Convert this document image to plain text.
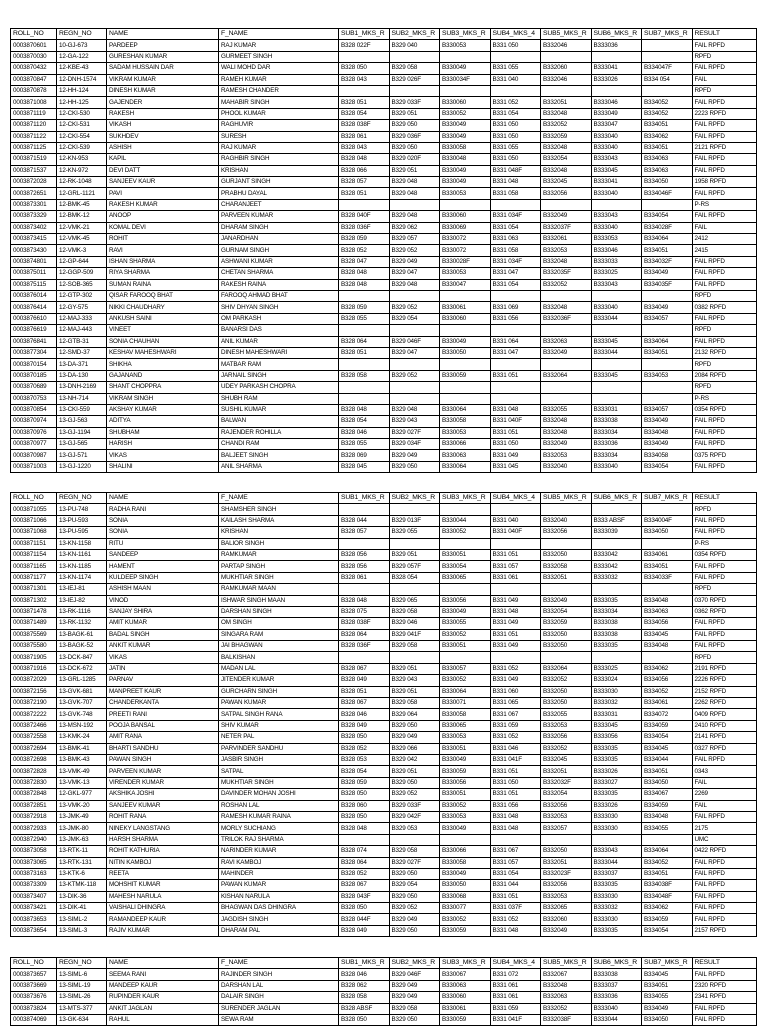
ROLL_NO	REGN_NO	NAME	F_NAME	SUB1_MKS_R	SUB2_MKS_R	SUB3_MKS_R	SUB4_MKS_4	SUB5_MKS_R	SUB6_MKS_R	SUB7_MKS_R	RESULT
0003870601	10-GJ-673	PARDEEP	RAJ KUMAR	B328 022F	B329 040	B330053	B331 050	B332046	B333036		FAIL RPFD
0003870030	12-GA-122	GURESHAN KUMAR	GURMEET SINGH								RPFD
0003870432	12-KBE-43	SADAM HUSSAIN DAR	WALI MOHD DAR	B328 050	B329 058	B330049	B331 055	B332060	B333041	B334047F	FAIL RPFD
0003870847	12-DNH-1574	VIKRAM KUMAR	RAMEH KUMAR	B328 043	B329 026F	B330034F	B331 040	B332046	B333026	B334 054	FAIL
0003870878	12-HH-124	DINESH KUMAR	RAMESH CHANDER								RPFD
0003871008	12-HH-125	GAJENDER	MAHABIR SINGH	B328 051	B329 033F	B330060	B331 052	B332051	B333046	B334052	FAIL RPFD
0003871119	12-CKI-530	RAKESH	PHOOL KUMAR	B328 054	B329 051	B330052	B331 054	B332048	B333049	B334052	2223 RPFD
0003871120	12-CKI-531	VIKASH	RAGHUVIR	B328 038F	B329 050	B330049	B331 050	B332052	B333047	B334051	FAIL RPFD
0003871122	12-CKI-554	SUKHDEV	SURESH	B328 061	B329 036F	B330049	B331 050	B332059	B333040	B334062	FAIL RPFD
0003871125	12-CKI-539	ASHISH	RAJ KUMAR	B328 043	B329 050	B330058	B331 055	B332048	B333040	B334051	2121 RPFD
0003871519	12-KN-953	KAPIL	RAGHBIR SINGH	B328 048	B329 020F	B330048	B331 050	B332054	B333043	B334063	FAIL RPFD
0003871537	12-KN-972	DEVI DATT	KRISHAN	B328 066	B329 051	B330049	B331 048F	B332048	B333045	B334063	FAIL RPFD
0003872028	12-RK-1048	SANJEEV KAUR	GURJANT SINGH	B328 057	B329 048	B330049	B331 048	B332045	B333041	B334050	1958 RPFD
0003872651	12-GRL-1121	PAVI	PRABHU DAYAL	B328 051	B329 048	B330053	B331 058	B332056	B333040	B334046F	FAIL RPFD
0003873301	12-BMK-45	RAKESH KUMAR	CHARANJEET								P-RS
0003873329	12-BMK-12	ANOOP	PARVEEN KUMAR	B328 040F	B329 048	B330060	B331 034F	B332049	B333043	B334054	FAIL RPFD
0003873402	12-VMK-21	KOMAL DEVI	DHARAM SINGH	B328 036F	B329 062	B330069	B331 054	B332037F	B333040	B334028F	FAIL
0003873415	12-VMK-45	ROHIT	JANARDHAN	B328 059	B329 057	B330072	B331 063	B332061	B333053	B334064	2412
0003873430	12-VMK-3	RAVI	GURNAM SINGH	B328 052	B329 052	B330072	B331 058	B332053	B333046	B334051	2415
0003874801	12-GP-644	ISHAN SHARMA	ASHWANI KUMAR	B328 047	B329 049	B330028F	B331 034F	B332048	B333033	B334032F	FAIL RPFD
0003875011	12-GGP-509	RIYA SHARMA	CHETAN SHARMA	B328 048	B329 047	B330053	B331 047	B332035F	B333025	B334049	FAIL RPFD
0003875115	12-SOB-365	SUMAN RAINA	RAKESH RAINA	B328 048	B329 048	B330047	B331 054	B332052	B333043	B334035F	FAIL RPFD
0003876014	12-GTP-302	QISAR FAROOQ BHAT	FAROOQ AHMAD BHAT								RPFD
0003876414	12-GY-575	NIKKI CHAUDHARY	SHIV DHYAN SINGH	B328 059	B329 052	B330061	B331 069	B332048	B333040	B334049	0382 RPFD
0003876610	12-MAJ-333	ANKUSH SAINI	OM PARKASH	B328 055	B329 054	B330060	B331 056	B332036F	B333044	B334057	FAIL RPFD
0003876619	12-MAJ-443	VINEET	BANARSI DAS								RPFD
0003876841	12-GTB-31	SONIA CHAUHAN	ANIL KUMAR	B328 064	B329 046F	B330049	B331 064	B332063	B333045	B334064	FAIL RPFD
0003877304	12-SMD-37	KESHAV MAHESHWARI	DINESH MAHESHWARI	B328 051	B329 047	B330050	B331 047	B332049	B333044	B334051	2132 RPFD
0003870154	13-DA-371	SHIKHA	MATBAR RAM								RPFD
0003870185	13-DA-130	GAJANAND	JARNAIL SINGH	B328 058	B329 052	B330059	B331 051	B332064	B333045	B334053	2084 RPFD
0003870689	13-DNH-2169	SHANT CHOPPRA	UDEY PARKASH CHOPRA								RPFD
0003870753	13-NH-714	VIKRAM SINGH	SHUBH RAM								P-RS
0003870854	13-CKI-559	AKSHAY KUMAR	SUSHIL KUMAR	B328 048	B329 048	B330064	B331 048	B332055	B333031	B334057	0354 RPFD
0003870974	13-GJ-563	ADITYA	BALWAN	B328 054	B329 043	B330058	B331 040F	B332048	B333038	B334049	FAIL RPFD
0003870976	13-GJ-1194	SHUBHAM	RAJENDER ROHILLA	B328 046	B329 027F	B330053	B331 051	B332048	B333034	B334048	FAIL RPFD
0003870977	13-GJ-565	HARISH	CHANDI RAM	B328 055	B329 034F	B330066	B331 050	B332049	B333036	B334049	FAIL RPFD
0003870987	13-GJ-571	VIKAS	BALJEET SINGH	B328 069	B329 049	B330063	B331 049	B332053	B333034	B334058	0375 RPFD
0003871003	13-GJ-1220	SHALINI	ANIL SHARMA	B328 045	B329 050	B330064	B331 045	B332040	B333040	B334054	FAIL RPFD
ROLL_NO	REGN_NO	NAME	F_NAME	SUB1_MKS_R	SUB2_MKS_R	SUB3_MKS_R	SUB4_MKS_4	SUB5_MKS_R	SUB6_MKS_R	SUB7_MKS_R	RESULT
0003871055	13-PU-748	RADHA RANI	SHAMSHER SINGH								RPFD
0003871066	13-PU-593	SONIA	KAILASH SHARMA	B328 044	B329 013F	B330044	B331 040	B332040	B333 ABSF	B334004F	FAIL RPFD
0003871068	13-PU-595	SONIA	KRISHAN	B328 057	B329 055	B330052	B331 040F	B332056	B333039	B334050	FAIL RPFD
0003871151	13-KN-1158	RITU	BALIOR SINGH								P-RS
0003871154	13-KN-1161	SANDEEP	RAMKUMAR	B328 056	B329 051	B330051	B331 051	B332050	B333042	B334061	0354 RPFD
0003871165	13-KN-1185	HAMENT	PARTAP SINGH	B328 056	B329 057F	B330054	B331 057	B332058	B333042	B334051	FAIL RPFD
0003871177	13-KN-1174	KULDEEP SINGH	MUKHTIAR SINGH	B328 061	B328 054	B330065	B331 061	B332051	B333032	B334033F	FAIL RPFD
0003871301	13-IEJ-81	ASHISH MAAN	RAMKUMAR MAAN								RPFD
0003871302	13-IEJ-82	VINOD	ISHWAR SINGH MAAN	B328 048	B329 065	B330056	B331 049	B332049	B333035	B334048	0370 RPFD
0003871478	13-RK-1116	SANJAY SHIRA	DARSHAN SINGH	B328 075	B329 058	B330049	B331 048	B332054	B333034	B334063	0362 RPFD
0003871489	13-RK-1132	AMIT KUMAR	OM SINGH	B328 038F	B329 046	B330055	B331 049	B332059	B333038	B334056	FAIL RPFD
0003875569	13-BAGK-61	BADAL SINGH	SINGARA RAM	B328 064	B329 041F	B330052	B331 051	B332050	B333038	B334045	FAIL RPFD
0003875580	13-BAGK-52	ANKIT KUMAR	JAI BHAGWAN	B328 036F	B329 058	B330051	B331 049	B332050	B333035	B334048	FAIL RPFD
0003871905	13-DCK-847	VIKAS	BALKISHAN								RPFD
0003871916	13-DCK-672	JATIN	MADAN LAL	B328 067	B329 051	B330057	B331 052	B332064	B333025	B334062	2191 RPFD
0003872029	13-GRL-1285	PARNAV	JITENDER KUMAR	B328 049	B329 043	B330052	B331 049	B332052	B333024	B334056	2226 RPFD
0003872156	13-GVK-681	MANPREET KAUR	GURCHARN SINGH	B328 051	B329 051	B330064	B331 060	B332050	B333030	B334052	2152 RPFD
0003872190	13-GVK-707	CHANDERKANTA	PAWAN KUMAR	B328 067	B329 058	B330071	B331 065	B332050	B333032	B334061	2262 RPFD
0003872222	13-GVK-748	PREETI RANI	SATPAL SINGH RANA	B328 046	B329 064	B330058	B331 067	B332055	B333031	B334072	0409 RPFD
0003872466	13-MSN-192	POOJA BANSAL	SHIV KUMAR	B328 049	B329 050	B330065	B331 059	B332053	B333045	B334059	2410 RPFD
0003872558	13-KMK-24	AMIT RANA	NETER PAL	B328 050	B329 049	B330053	B331 052	B332056	B333056	B334054	2141 RPFD
0003872694	13-BMK-41	BHARTI SANDHU	PARVINDER SANDHU	B328 052	B329 066	B330051	B331 046	B332052	B333035	B334045	0327 RPFD
0003872698	13-BMK-43	PAWAN SINGH	JASBIR SINGH	B328 053	B329 042	B330049	B331 041F	B332045	B333035	B334044	FAIL RPFD
0003872828	13-VMK-49	PARVEEN KUMAR	SATPAL	B328 054	B329 051	B330059	B331 051	B332051	B333026	B334051	0343
0003872830	13-VMK-13	VIRENDER KUMAR	MUKHTIAR SINGH	B328 059	B329 050	B330056	B331 050	B332032F	B333027	B334050	FAIL
0003872848	12-GKL-977	AKSHIKA JOSHI	DAVINDER MOHAN JOSHI	B328 050	B329 052	B330051	B331 051	B332054	B333035	B334067	2269
0003872851	13-VMK-20	SANJEEV KUMAR	ROSHAN LAL	B328 060	B329 033F	B330052	B331 056	B332056	B333026	B334059	FAIL
0003872918	13-JMK-49	ROHIT RANA	RAMESH KUMAR RAINA	B328 050	B329 042F	B330053	B331 048	B332053	B333030	B334048	FAIL RPFD
0003872933	13-JMK-80	NINEKY LANGSTANG	MORLY SUCHIANG	B328 048	B329 053	B330049	B331 048	B332057	B333030	B334055	2175
0003872940	13-JMK-63	HARSH SHARMA	TRILOK RAJ SHARMA								UMC
0003873058	13-RTK-11	ROHIT KATHURIA	NARINDER KUMAR	B328 074	B329 058	B330066	B331 067	B332050	B333043	B334064	0422 RPFD
0003873065	13-RTK-131	NITIN KAMBOJ	RAVI KAMBOJ	B328 064	B329 027F	B330058	B331 057	B332051	B333044	B334052	FAIL RPFD
0003873163	13-KTK-6	REETA	MAHINDER	B328 052	B329 050	B330049	B331 054	B332023F	B333037	B334051	FAIL RPFD
0003873309	13-KTMK-118	MOHSHIT KUMAR	PAWAN KUMAR	B328 067	B329 054	B330050	B331 044	B332056	B333035	B334038F	FAIL RPFD
0003873407	13-DIK-36	MAHESH NARULA	KISHAN NARULA	B328 043F	B329 050	B330068	B331 051	B332053	B333030	B334048F	FAIL RPFD
0003873421	13-DIK-41	VAISHALI DHINGRA	BHAGWAN DAS DHINGRA	B328 050	B329 052	B330077	B331 037F	B332065	B333032	B334062	FAIL RPFD
0003873653	13-SIML-2	RAMANDEEP KAUR	JAGDISH SINGH	B328 044F	B329 049	B330052	B331 052	B332060	B333030	B334059	FAIL RPFD
0003873654	13-SIML-3	RAJIV KUMAR	DHARAM PAL	B328 049	B329 050	B330059	B331 048	B332049	B333035	B334054	2157 RPFD
ROLL_NO	REGN_NO	NAME	F_NAME	SUB1_MKS_R	SUB2_MKS_R	SUB3_MKS_R	SUB4_MKS_4	SUB5_MKS_R	SUB6_MKS_R	SUB7_MKS_R	RESULT
0003873657	13-SIML-6	SEEMA RANI	RAJINDER SINGH	B328 046	B329 046F	B330067	B331 072	B332067	B333038	B334045	FAIL RPFD
0003873669	13-SIML-19	MANDEEP KAUR	DARSHAN LAL	B328 062	B329 049	B330063	B331 061	B332048	B333037	B334051	2320 RPFD
0003873676	13-SIML-26	RUPINDER KAUR	DALAIR SINGH	B328 058	B329 049	B330060	B331 061	B332063	B333036	B334055	2341 RPFD
0003873824	13-MTS-377	ANKIT JAGLAN	SURENDER JAGLAN	B328 ABSF	B329 058	B330061	B331 059	B332052	B333040	B334049	FAIL RPFD
0003874069	13-GK-634	RAHUL	SEWA RAM	B328 050	B329 050	B330059	B331 041F	B332038F	B333044	B334050	FAIL RPFD
